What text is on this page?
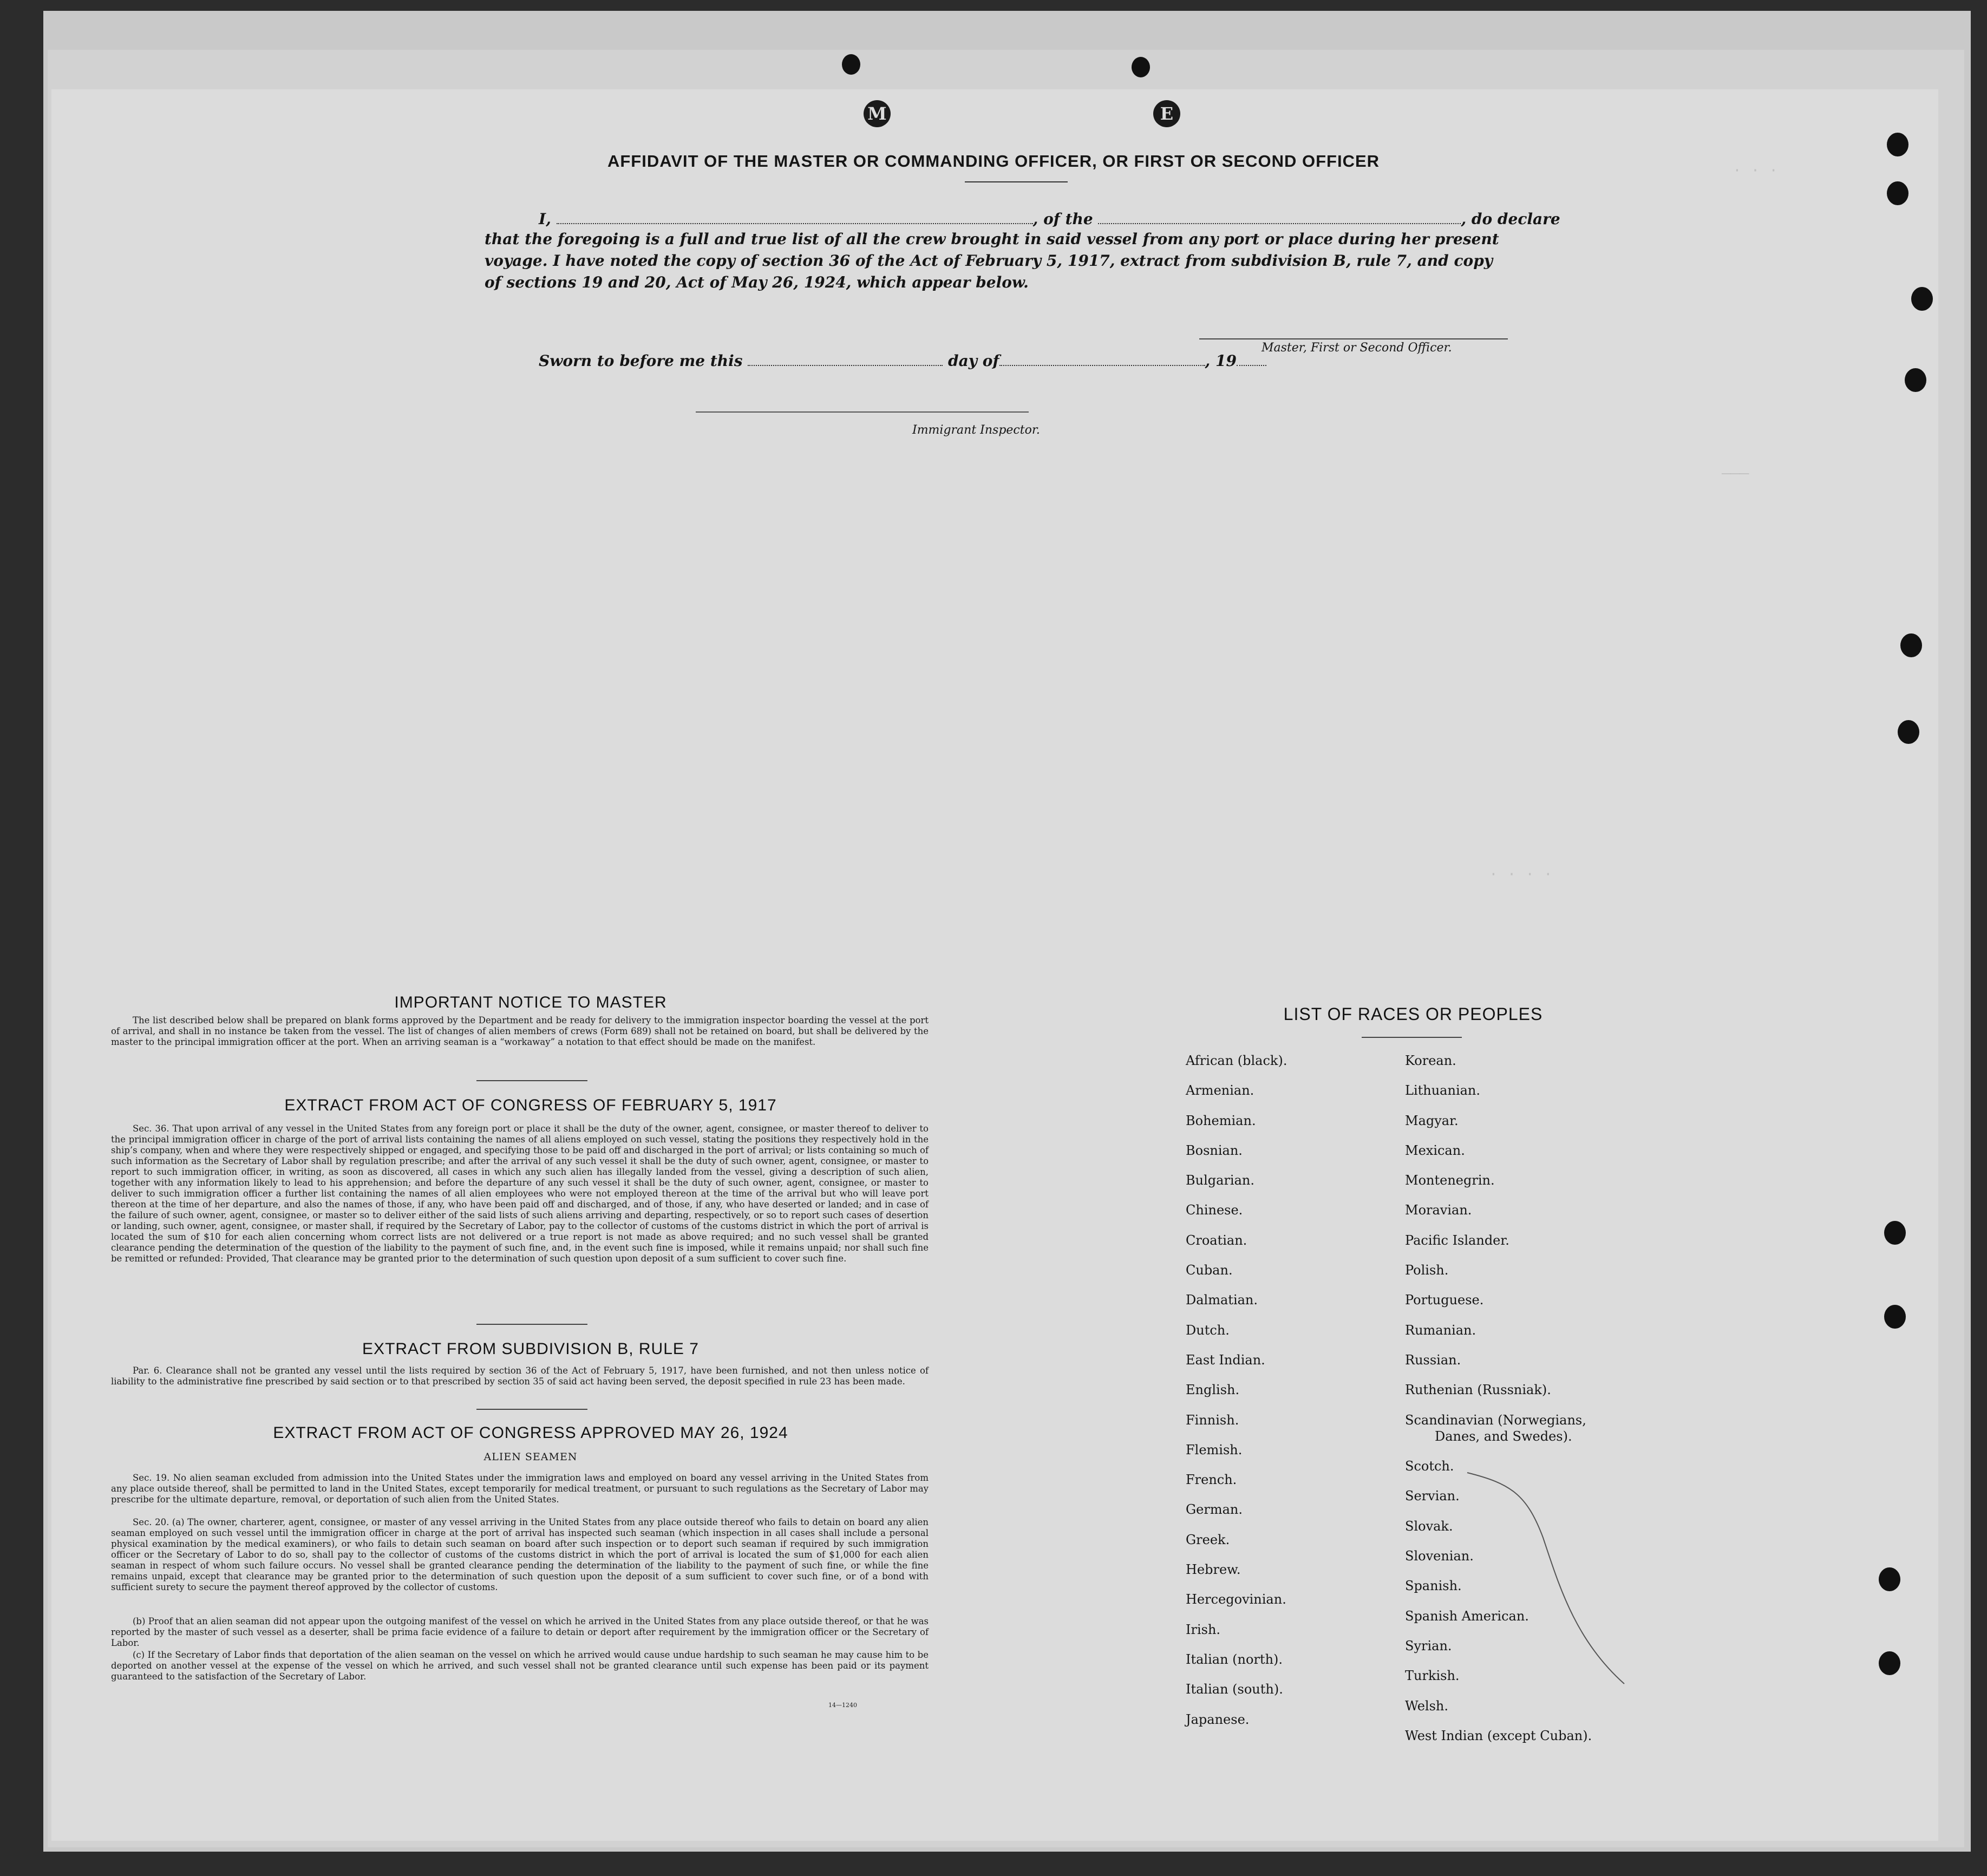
· · ·
———
· · · ·
M	E
AFFIDAVIT OF THE MASTER OR COMMANDING OFFICER, OR FIRST OR SECOND OFFICER
I,	, of the	, do declare
that the foregoing is a full and true list of all the crew brought in said vessel from any port or place during her present
voyage. I have noted the copy of section 36 of the Act of February 5, 1917, extract from subdivision B, rule 7, and copy
of sections 19 and 20, Act of May 26, 1924, which appear below.
Master, First or Second Officer.
Sworn to before me this	day of	, 19
Immigrant Inspector.
IMPORTANT NOTICE TO MASTER

The list described below shall be prepared on blank forms approved by the Department and be ready for delivery to the immigration inspector boarding the vessel at the port of arrival, and shall in no instance be taken from the vessel. The list of changes of alien members of crews (Form 689) shall not be retained on board, but shall be delivered by the master to the principal immigration officer at the port. When an arriving seaman is a “workaway” a notation to that effect should be made on the manifest.

EXTRACT FROM ACT OF CONGRESS OF FEBRUARY 5, 1917

Sec. 36. That upon arrival of any vessel in the United States from any foreign port or place it shall be the duty of the owner, agent, consignee, or master thereof to deliver to the principal immigration officer in charge of the port of arrival lists containing the names of all aliens employed on such vessel, stating the positions they respectively hold in the ship’s company, when and where they were respectively shipped or engaged, and specifying those to be paid off and discharged in the port of arrival; or lists containing so much of such information as the Secretary of Labor shall by regulation prescribe; and after the arrival of any such vessel it shall be the duty of such owner, agent, consignee, or master to report to such immigration officer, in writing, as soon as discovered, all cases in which any such alien has illegally landed from the vessel, giving a description of such alien, together with any information likely to lead to his apprehension; and before the departure of any such vessel it shall be the duty of such owner, agent, consignee, or master to deliver to such immigration officer a further list containing the names of all alien employees who were not employed thereon at the time of the arrival but who will leave port thereon at the time of her departure, and also the names of those, if any, who have been paid off and discharged, and of those, if any, who have deserted or landed; and in case of the failure of such owner, agent, consignee, or master so to deliver either of the said lists of such aliens arriving and departing, respectively, or so to report such cases of desertion or landing, such owner, agent, consignee, or master shall, if required by the Secretary of Labor, pay to the collector of customs of the customs district in which the port of arrival is located the sum of $10 for each alien concerning whom correct lists are not delivered or a true report is not made as above required; and no such vessel shall be granted clearance pending the determination of the question of the liability to the payment of such fine, and, in the event such fine is imposed, while it remains unpaid; nor shall such fine be remitted or refunded: Provided, That clearance may be granted prior to the determination of such question upon deposit of a sum sufficient to cover such fine.

EXTRACT FROM SUBDIVISION B, RULE 7

Par. 6. Clearance shall not be granted any vessel until the lists required by section 36 of the Act of February 5, 1917, have been furnished, and not then unless notice of liability to the administrative fine prescribed by said section or to that prescribed by section 35 of said act having been served, the deposit specified in rule 23 has been made.

EXTRACT FROM ACT OF CONGRESS APPROVED MAY 26, 1924
ALIEN SEAMEN

Sec. 19. No alien seaman excluded from admission into the United States under the immigration laws and employed on board any vessel arriving in the United States from any place outside thereof, shall be permitted to land in the United States, except temporarily for medical treatment, or pursuant to such regulations as the Secretary of Labor may prescribe for the ultimate departure, removal, or deportation of such alien from the United States.

Sec. 20. (a) The owner, charterer, agent, consignee, or master of any vessel arriving in the United States from any place outside thereof who fails to detain on board any alien seaman employed on such vessel until the immigration officer in charge at the port of arrival has inspected such seaman (which inspection in all cases shall include a personal physical examination by the medical examiners), or who fails to detain such seaman on board after such inspection or to deport such seaman if required by such immigration officer or the Secretary of Labor to do so, shall pay to the collector of customs of the customs district in which the port of arrival is located the sum of $1,000 for each alien seaman in respect of whom such failure occurs. No vessel shall be granted clearance pending the determination of the liability to the payment of such fine, or while the fine remains unpaid, except that clearance may be granted prior to the determination of such question upon the deposit of a sum sufficient to cover such fine, or of a bond with sufficient surety to secure the payment thereof approved by the collector of customs.

(b) Proof that an alien seaman did not appear upon the outgoing manifest of the vessel on which he arrived in the United States from any place outside thereof, or that he was reported by the master of such vessel as a deserter, shall be prima facie evidence of a failure to detain or deport after requirement by the immigration officer or the Secretary of Labor.

(c) If the Secretary of Labor finds that deportation of the alien seaman on the vessel on which he arrived would cause undue hardship to such seaman he may cause him to be deported on another vessel at the expense of the vessel on which he arrived, and such vessel shall not be granted clearance until such expense has been paid or its payment guaranteed to the satisfaction of the Secretary of Labor.

14—1240
LIST OF RACES OR PEOPLES
African (black).
Armenian.
Bohemian.
Bosnian.
Bulgarian.
Chinese.
Croatian.
Cuban.
Dalmatian.
Dutch.
East Indian.
English.
Finnish.
Flemish.
French.
German.
Greek.
Hebrew.
Hercegovinian.
Irish.
Italian (north).
Italian (south).
Japanese.
Korean.
Lithuanian.
Magyar.
Mexican.
Montenegrin.
Moravian.
Pacific Islander.
Polish.
Portuguese.
Rumanian.
Russian.
Ruthenian (Russniak).
Scandinavian (Norwegians,
Danes, and Swedes).
Scotch.
Servian.
Slovak.
Slovenian.
Spanish.
Spanish American.
Syrian.
Turkish.
Welsh.
West Indian (except Cuban).
